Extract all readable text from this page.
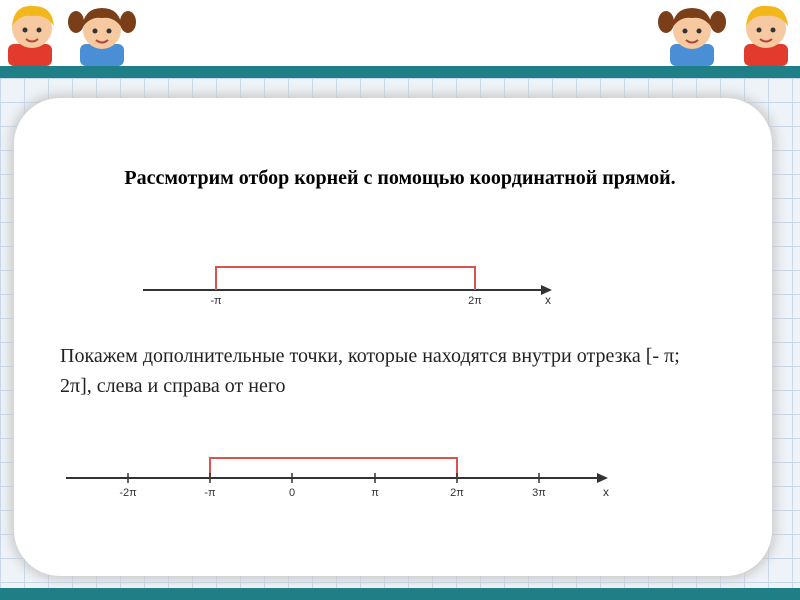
Рассмотрим отбор корней с помощью координатной прямой.
-π	2π	x
Покажем дополнительные точки, которые находятся внутри отрезка [- π; 2π], слева и справа от него
-2π	-π	0	π	2π	3π	x
